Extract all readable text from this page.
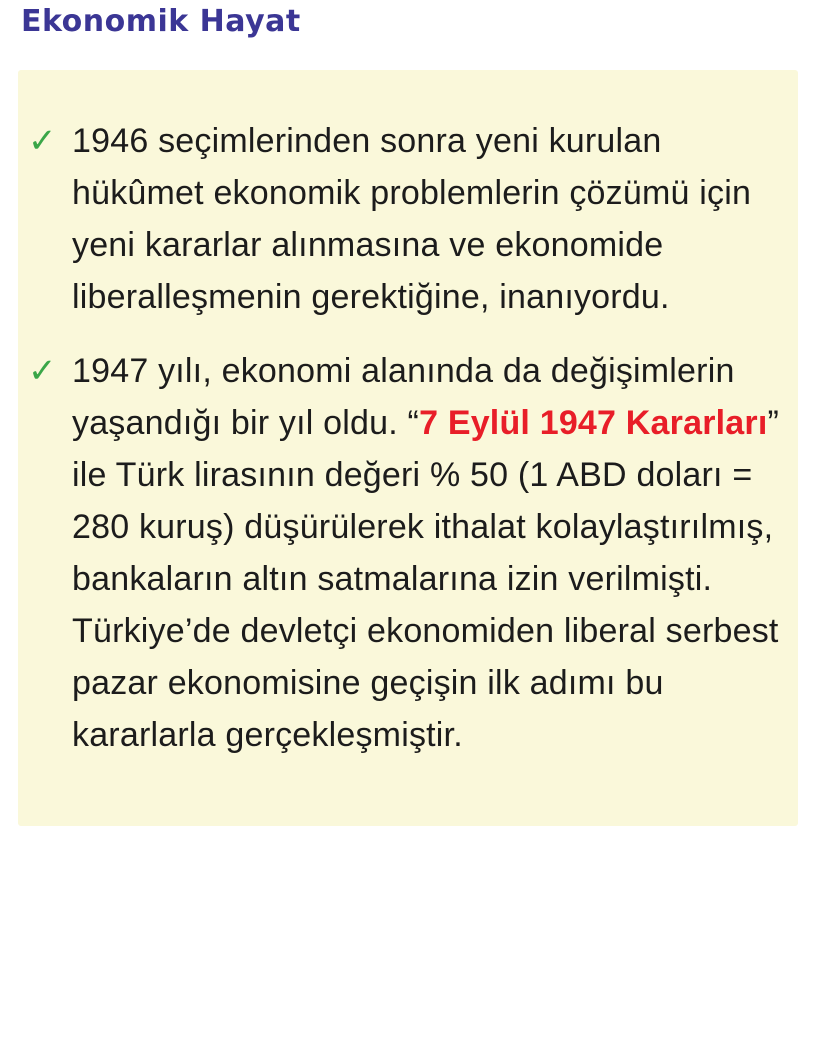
Ekonomik Hayat
✓ 1946 seçimlerinden sonra yeni kurulan hükûmet ekonomik problemlerin çözümü için yeni kararlar alınmasına ve ekonomide liberalleşmenin gerektiğine, inanıyordu.

✓ 1947 yılı, ekonomi alanında da değişimlerin yaşandığı bir yıl oldu. “7 Eylül 1947 Kararları” ile Türk lirasının değeri % 50 (1 ABD doları = 280 kuruş) düşürülerek ithalat kolaylaştırılmış, bankaların altın satmalarına izin verilmişti. Türkiye’de devletçi ekonomiden liberal serbest pazar ekonomisine geçişin ilk adımı bu kararlarla gerçekleşmiştir.
